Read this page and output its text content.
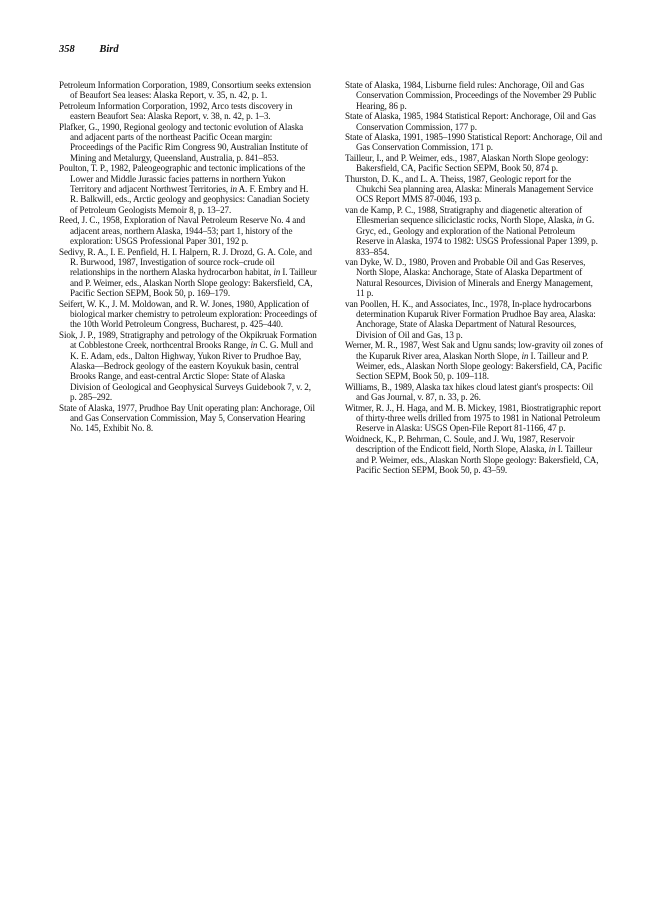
358 Bird

Petroleum Information Corporation, 1989, Consortium seeks extension of Beaufort Sea leases: Alaska Report, v. 35, n. 42, p. 1.

Petroleum Information Corporation, 1992, Arco tests discovery in eastern Beaufort Sea: Alaska Report, v. 38, n. 42, p. 1–3.

Plafker, G., 1990, Regional geology and tectonic evolution of Alaska and adjacent parts of the northeast Pacific Ocean margin: Proceedings of the Pacific Rim Congress 90, Australian Institute of Mining and Metalurgy, Queensland, Australia, p. 841–853.

Poulton, T. P., 1982, Paleogeographic and tectonic implications of the Lower and Middle Jurassic facies patterns in northern Yukon Territory and adjacent Northwest Territories, in A. F. Embry and H. R. Balkwill, eds., Arctic geology and geophysics: Canadian Society of Petroleum Geologists Memoir 8, p. 13–27.

Reed, J. C., 1958, Exploration of Naval Petroleum Reserve No. 4 and adjacent areas, northern Alaska, 1944–53; part 1, history of the exploration: USGS Professional Paper 301, 192 p.

Sedivy, R. A., I. E. Penfield, H. I. Halpern, R. J. Drozd, G. A. Cole, and R. Burwood, 1987, Investigation of source rock–crude oil relationships in the northern Alaska hydrocarbon habitat, in I. Tailleur and P. Weimer, eds., Alaskan North Slope geology: Bakersfield, CA, Pacific Section SEPM, Book 50, p. 169–179.

Seifert, W. K., J. M. Moldowan, and R. W. Jones, 1980, Application of biological marker chemistry to petroleum exploration: Proceedings of the 10th World Petroleum Congress, Bucharest, p. 425–440.

Siok, J. P., 1989, Stratigraphy and petrology of the Okpikruak Formation at Cobblestone Creek, northcentral Brooks Range, in C. G. Mull and K. E. Adam, eds., Dalton Highway, Yukon River to Prudhoe Bay, Alaska—Bedrock geology of the eastern Koyukuk basin, central Brooks Range, and east-central Arctic Slope: State of Alaska Division of Geological and Geophysical Surveys Guidebook 7, v. 2, p. 285–292.

State of Alaska, 1977, Prudhoe Bay Unit operating plan: Anchorage, Oil and Gas Conservation Commission, May 5, Conservation Hearing No. 145, Exhibit No. 8.

State of Alaska, 1984, Lisburne field rules: Anchorage, Oil and Gas Conservation Commission, Proceedings of the November 29 Public Hearing, 86 p.

State of Alaska, 1985, 1984 Statistical Report: Anchorage, Oil and Gas Conservation Commission, 177 p.

State of Alaska, 1991, 1985–1990 Statistical Report: Anchorage, Oil and Gas Conservation Commission, 171 p.

Tailleur, I., and P. Weimer, eds., 1987, Alaskan North Slope geology: Bakersfield, CA, Pacific Section SEPM, Book 50, 874 p.

Thurston, D. K., and L. A. Theiss, 1987, Geologic report for the Chukchi Sea planning area, Alaska: Minerals Management Service OCS Report MMS 87-0046, 193 p.

van de Kamp, P. C., 1988, Stratigraphy and diagenetic alteration of Ellesmerian sequence siliciclastic rocks, North Slope, Alaska, in G. Gryc, ed., Geology and exploration of the National Petroleum Reserve in Alaska, 1974 to 1982: USGS Professional Paper 1399, p. 833–854.

van Dyke, W. D., 1980, Proven and Probable Oil and Gas Reserves, North Slope, Alaska: Anchorage, State of Alaska Department of Natural Resources, Division of Minerals and Energy Management, 11 p.

van Poollen, H. K., and Associates, Inc., 1978, In-place hydrocarbons determination Kuparuk River Formation Prudhoe Bay area, Alaska: Anchorage, State of Alaska Department of Natural Resources, Division of Oil and Gas, 13 p.

Werner, M. R., 1987, West Sak and Ugnu sands; low-gravity oil zones of the Kuparuk River area, Alaskan North Slope, in I. Tailleur and P. Weimer, eds., Alaskan North Slope geology: Bakersfield, CA, Pacific Section SEPM, Book 50, p. 109–118.

Williams, B., 1989, Alaska tax hikes cloud latest giant's prospects: Oil and Gas Journal, v. 87, n. 33, p. 26.

Witmer, R. J., H. Haga, and M. B. Mickey, 1981, Biostratigraphic report of thirty-three wells drilled from 1975 to 1981 in National Petroleum Reserve in Alaska: USGS Open-File Report 81-1166, 47 p.

Woidneck, K., P. Behrman, C. Soule, and J. Wu, 1987, Reservoir description of the Endicott field, North Slope, Alaska, in I. Tailleur and P. Weimer, eds., Alaskan North Slope geology: Bakersfield, CA, Pacific Section SEPM, Book 50, p. 43–59.
